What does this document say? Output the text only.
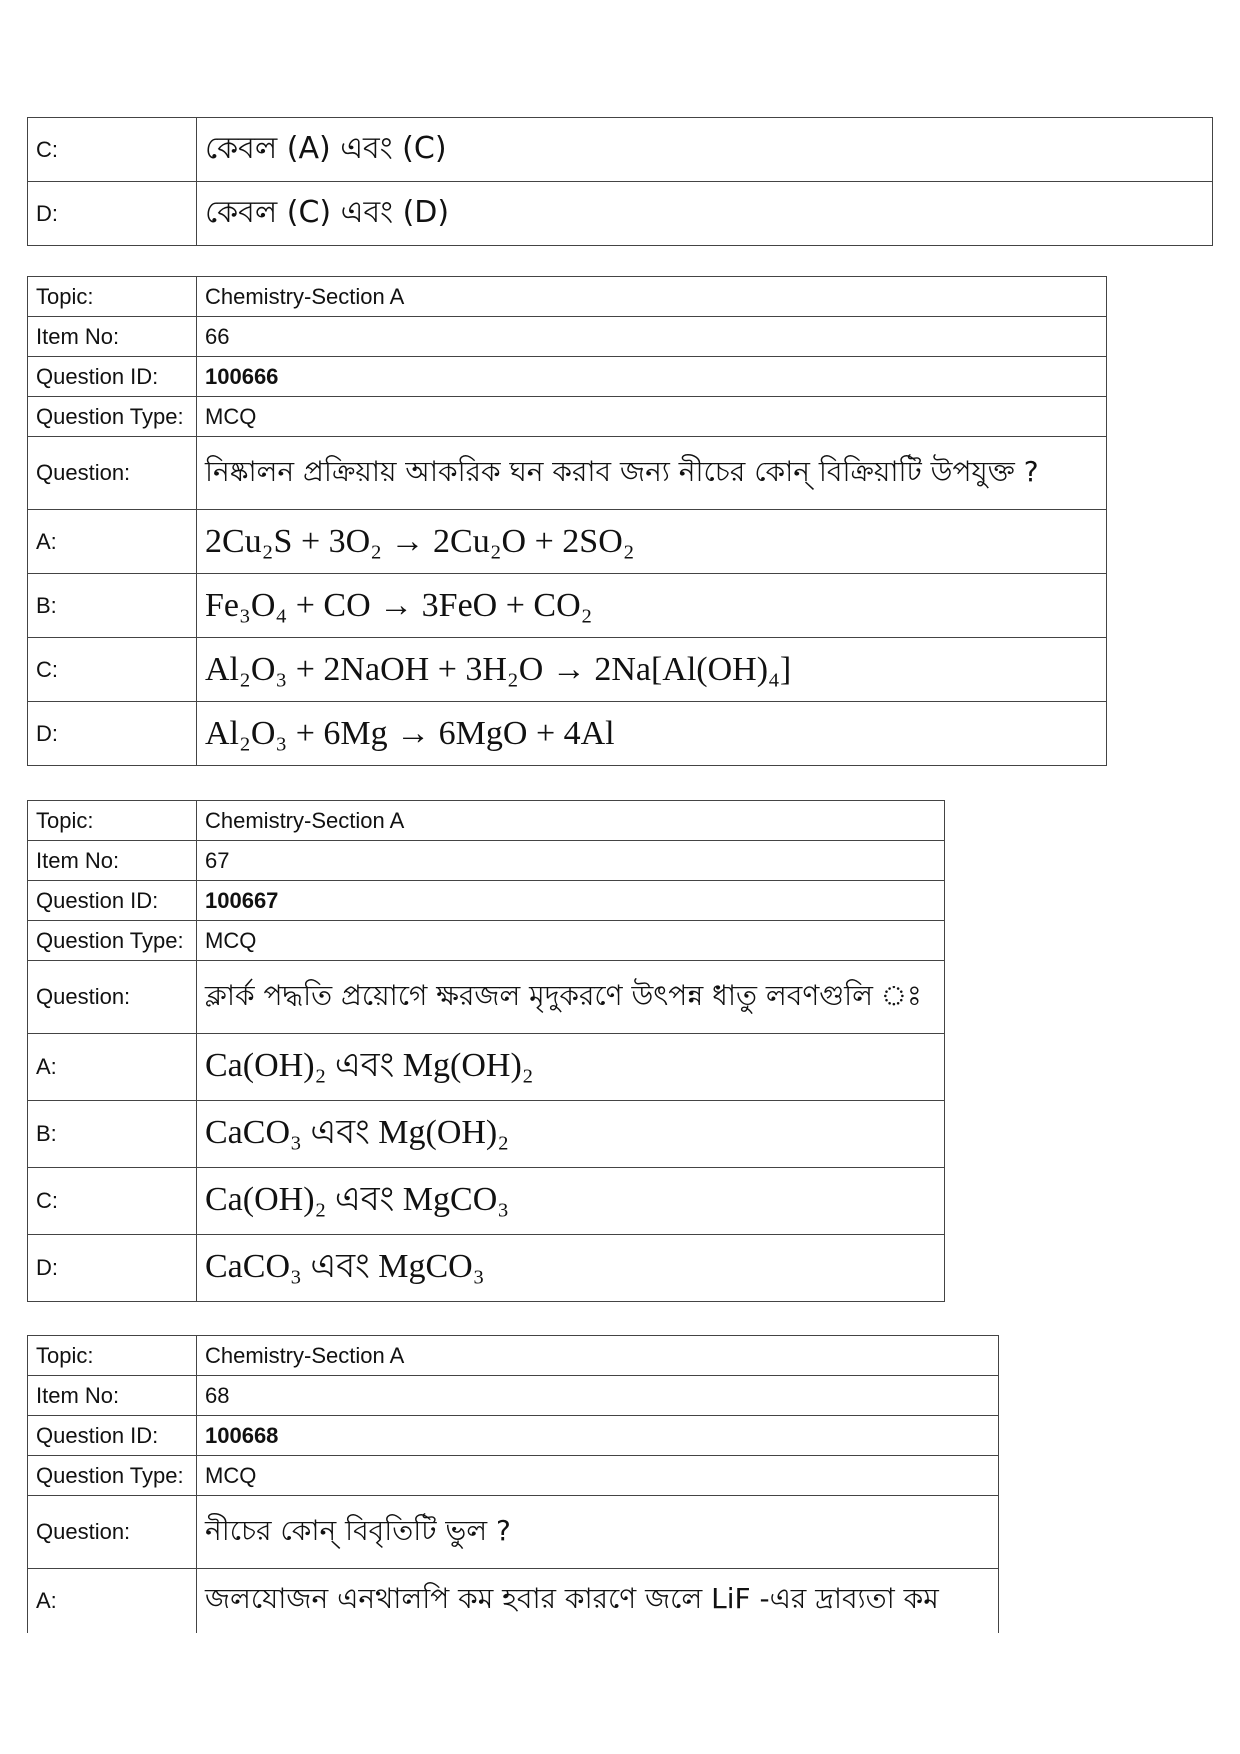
C:	কেবল (A) এবং (C)
D:	কেবল (C) এবং (D)
Topic:	Chemistry-Section A
Item No:	66
Question ID:	100666
Question Type:	MCQ
Question:	নিষ্কালন প্রক্রিয়ায় আকরিক ঘন করাব জন্য নীচের কোন্ বিক্রিয়াটি উপযুক্ত ?
A:	2Cu₂S + 3O₂ → 2Cu₂O + 2SO₂
B:	Fe₃O₄ + CO → 3FeO + CO₂
C:	Al₂O₃ + 2NaOH + 3H₂O → 2Na[Al(OH)₄]
D:	Al₂O₃ + 6Mg → 6MgO + 4Al
Topic:	Chemistry-Section A
Item No:	67
Question ID:	100667
Question Type:	MCQ
Question:	ক্লার্ক পদ্ধতি প্রয়োগে ক্ষরজল মৃদুকরণে উৎপন্ন ধাতু লবণগুলি ঃ
A:	Ca(OH)₂ এবং Mg(OH)₂
B:	CaCO₃ এবং Mg(OH)₂
C:	Ca(OH)₂ এবং MgCO₃
D:	CaCO₃ এবং MgCO₃
Topic:	Chemistry-Section A
Item No:	68
Question ID:	100668
Question Type:	MCQ
Question:	নীচের কোন্ বিবৃতিটি ভুল ?
A:	জলযোজন এনথালপি কম হবার কারণে জলে LiF -এর দ্রাব্যতা কম
